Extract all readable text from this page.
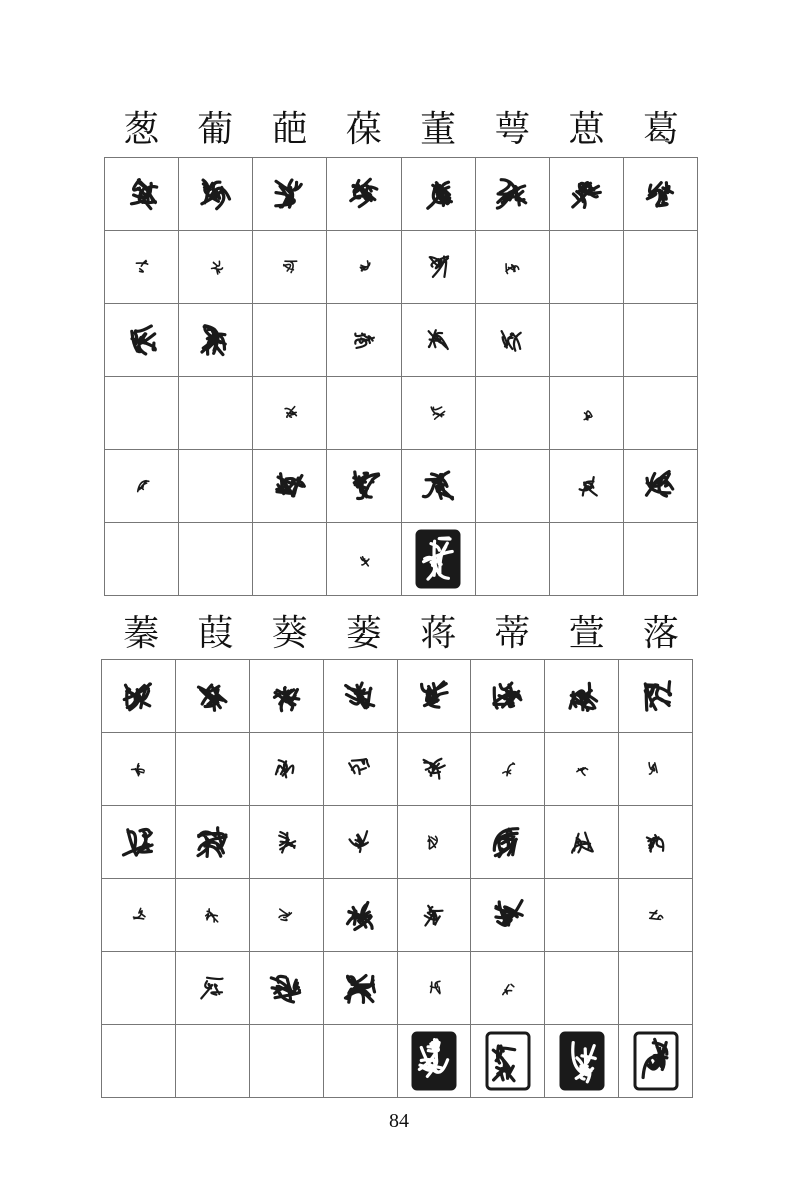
葱	葡	葩	葆	董	萼	葸	葛

蓁	葭	葵	蒌	蒋	蒂	萱	落

84
